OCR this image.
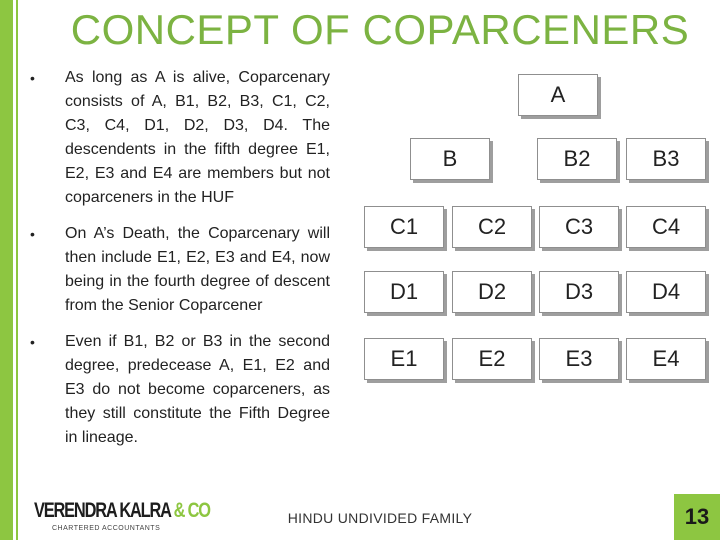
CONCEPT OF COPARCENERS
• As long as A is alive, Coparcenary consists of A, B1, B2, B3, C1, C2, C3, C4, D1, D2, D3, D4. The descendents in the fifth degree E1, E2, E3 and E4 are members but not coparceners in the HUF
• On A’s Death, the Coparcenary will then include E1, E2, E3 and E4, now being in the fourth degree of descent from the Senior Coparcener
• Even if B1, B2 or B3 in the second degree, predecease A, E1, E2 and E3 do not become coparceners, as they still constitute the Fifth Degree in lineage.
A
B	B2	B3
C1	C2	C3	C4
D1	D2	D3	D4
E1	E2	E3	E4
VERENDRA KALRA & CO
CHARTERED ACCOUNTANTS
HINDU UNDIVIDED FAMILY	13
